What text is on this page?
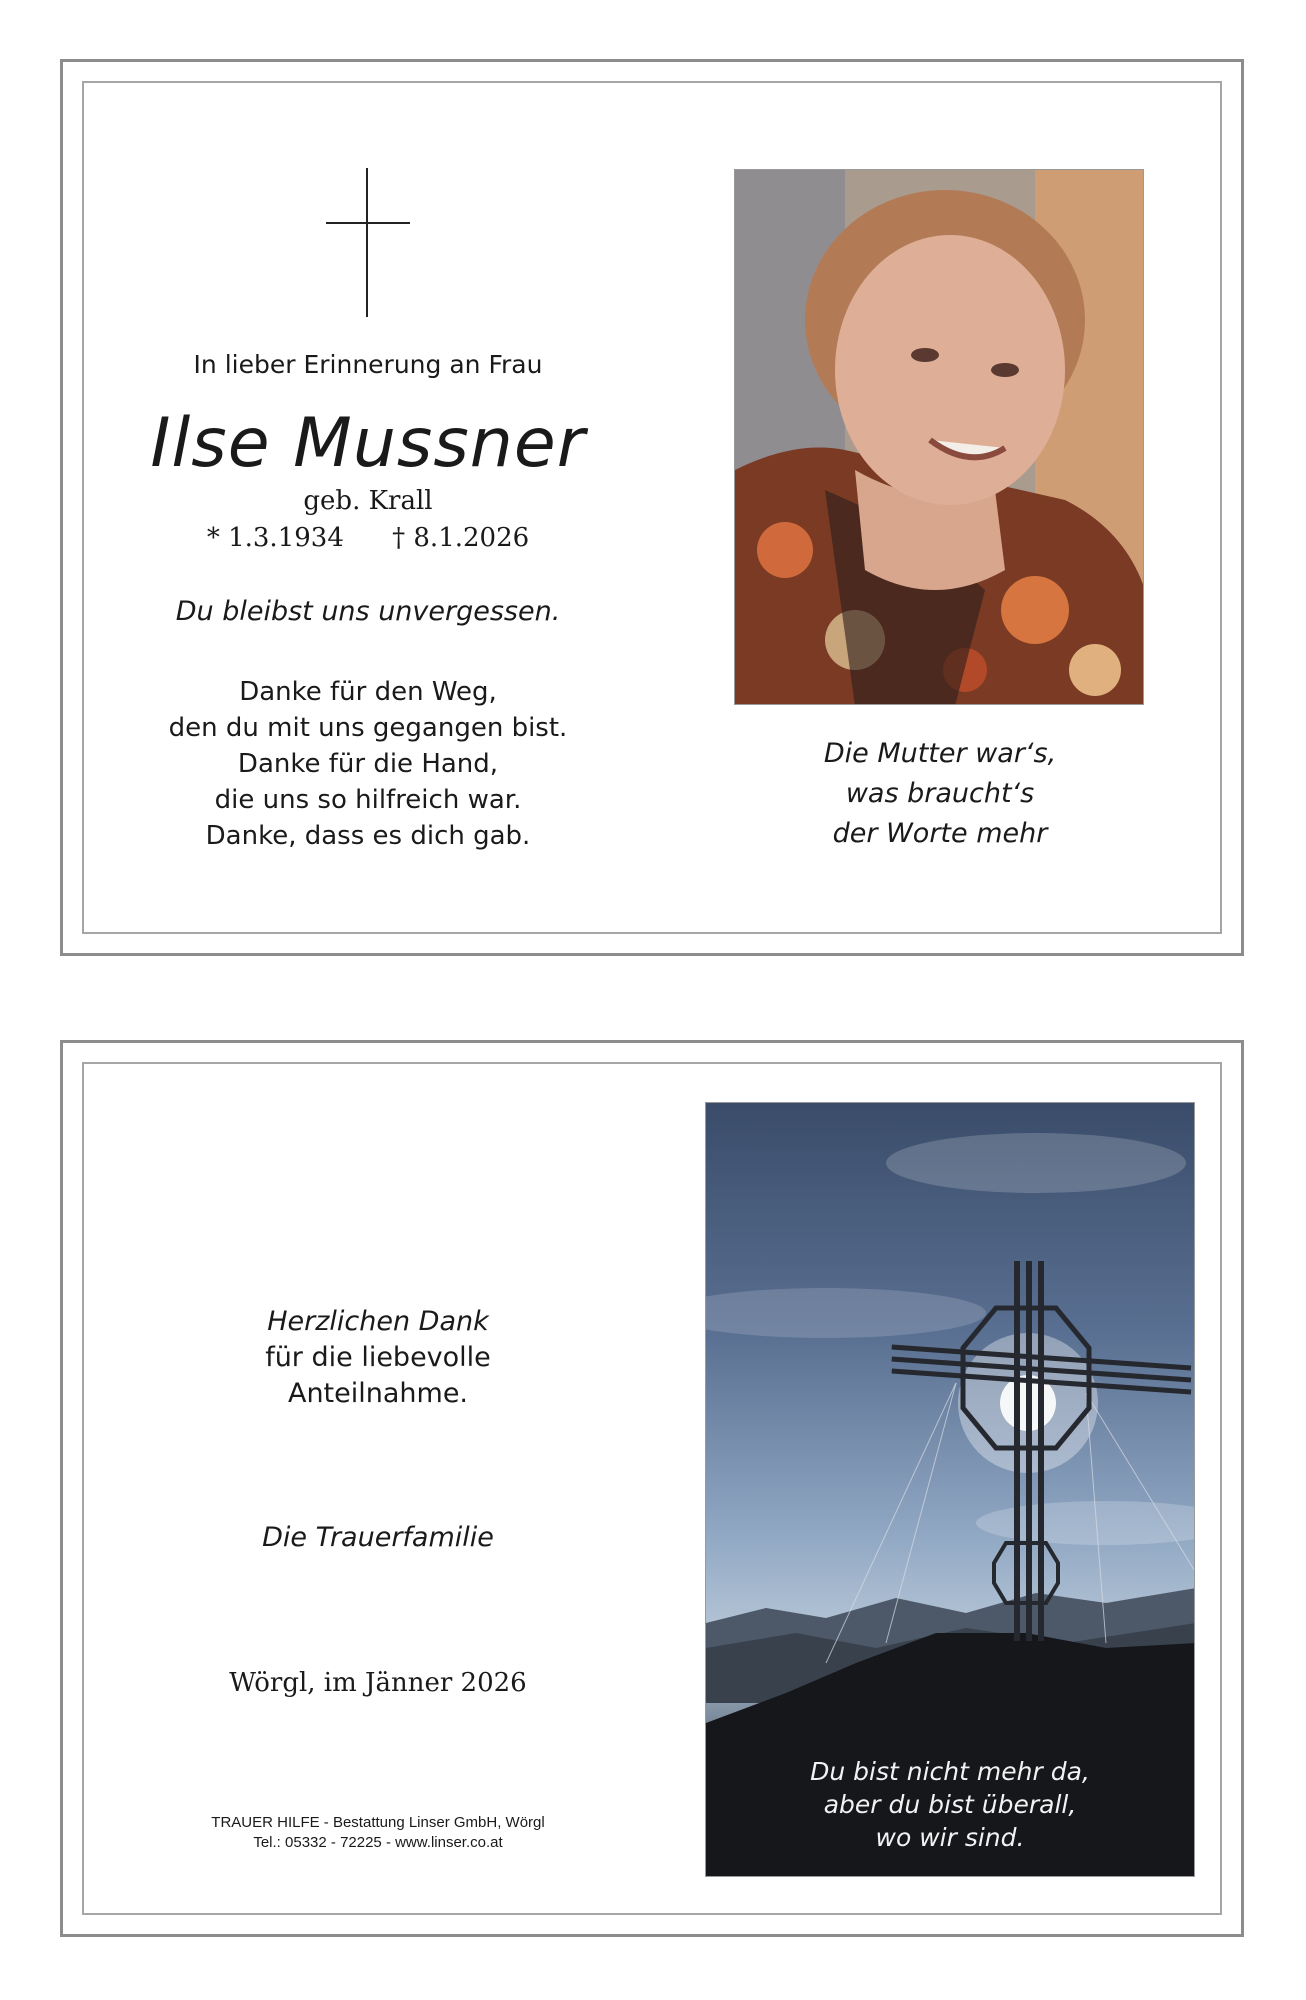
In lieber Erinnerung an Frau
Ilse Mussner
geb. Krall
* 1.3.1934 † 8.1.2026
Du bleibst uns unvergessen.
Danke für den Weg,
den du mit uns gegangen bist.
Danke für die Hand,
die uns so hilfreich war.
Danke, dass es dich gab.
Die Mutter war‘s,
was braucht‘s
der Worte mehr
Herzlichen Dank
für die liebevolle
Anteilnahme.
Die Trauerfamilie
Wörgl, im Jänner 2026
TRAUER HILFE - Bestattung Linser GmbH, Wörgl
Tel.: 05332 - 72225 - www.linser.co.at
Du bist nicht mehr da,
aber du bist überall,
wo wir sind.
